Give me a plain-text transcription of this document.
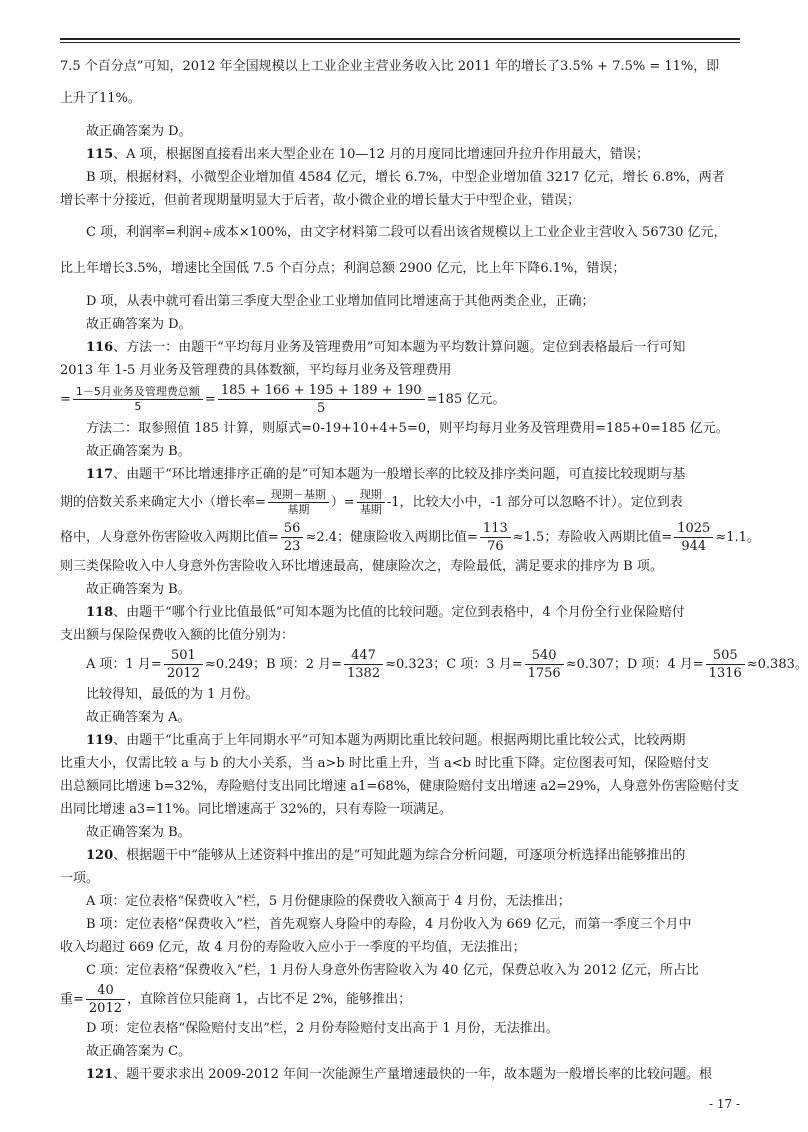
7.5 个百分点”可知，2012 年全国规模以上工业企业主营业务收入比 2011 年的增长了3.5% + 7.5% = 11%，即
上升了11%。
故正确答案为 D。
115、A 项，根据图直接看出来大型企业在 10—12 月的月度同比增速回升拉升作用最大，错误；
B 项，根据材料，小微型企业增加值 4584 亿元，增长 6.7%，中型企业增加值 3217 亿元，增长 6.8%，两者
增长率十分接近，但前者现期量明显大于后者，故小微企业的增长量大于中型企业，错误；
C 项，利润率=利润÷成本×100%，由文字材料第二段可以看出该省规模以上工业企业主营收入 56730 亿元，
比上年增长3.5%，增速比全国低 7.5 个百分点；利润总额 2900 亿元，比上年下降6.1%，错误；
D 项，从表中就可看出第三季度大型企业工业增加值同比增速高于其他两类企业，正确；
故正确答案为 D。
116、方法一：由题干“平均每月业务及管理费用”可知本题为平均数计算问题。定位到表格最后一行可知
2013 年 1-5 月业务及管理费的具体数额，平均每月业务及管理费用
= $\frac{\text{1－5月业务及管理费总额}}{5} = \frac{185 + 166 + 195 + 189 + 190}{5} =185$ 亿元。
方法二：取参照值 185 计算，则原式=0-19+10+4+5=0，则平均每月业务及管理费用=185+0=185 亿元。
故正确答案为 B。
117、由题干“环比增速排序正确的是”可知本题为一般增长率的比较及排序类问题，可直接比较现期与基
期的倍数关系来确定大小（增长率= $\frac{\text{现期－基期}}{\text{基期}}$ ）= $\frac{\text{现期}}{\text{基期}} -1$，比较大小中，-1 部分可以忽略不计）。定位到表
格中，人身意外伤害险收入两期比值= $\frac{56}{23} \approx 2.4$；健康险收入两期比值= $\frac{113}{76} \approx 1.5$；寿险收入两期比值= $\frac{1025}{944} \approx 1.1$。
则三类保险收入中人身意外伤害险收入环比增速最高，健康险次之，寿险最低，满足要求的排序为 B 项。
故正确答案为 B。
118、由题干“哪个行业比值最低”可知本题为比值的比较问题。定位到表格中，4 个月份全行业保险赔付
支出额与保险保费收入额的比值分别为：
A 项：1 月= $\frac{501}{2012} \approx 0.249$；B 项：2 月= $\frac{447}{1382} \approx 0.323$；C 项：3 月= $\frac{540}{1756} \approx 0.307$；D 项：4 月= $\frac{505}{1316} \approx 0.383$。
比较得知，最低的为 1 月份。
故正确答案为 A。
119、由题干“比重高于上年同期水平”可知本题为两期比重比较问题。根据两期比重比较公式，比较两期
比重大小，仅需比较 a 与 b 的大小关系，当 a>b 时比重上升，当 a<b 时比重下降。定位图表可知，保险赔付支
出总额同比增速 b=32%，寿险赔付支出同比增速 a1=68%，健康险赔付支出增速 a2=29%，人身意外伤害险赔付支
出同比增速 a3=11%。同比增速高于 32%的，只有寿险一项满足。
故正确答案为 B。
120、根据题干中“能够从上述资料中推出的是”可知此题为综合分析问题，可逐项分析选择出能够推出的
一项。
A 项：定位表格“保费收入”栏，5 月份健康险的保费收入额高于 4 月份，无法推出；
B 项：定位表格“保费收入”栏，首先观察人身险中的寿险，4 月份收入为 669 亿元，而第一季度三个月中
收入均超过 669 亿元，故 4 月份的寿险收入应小于一季度的平均值，无法推出；
C 项：定位表格“保费收入”栏，1 月份人身意外伤害险收入为 40 亿元，保费总收入为 2012 亿元，所占比
重= $\frac{40}{2012}$ ，直除首位只能商 1，占比不足 2%，能够推出；
D 项：定位表格“保险赔付支出”栏，2 月份寿险赔付支出高于 1 月份，无法推出。
故正确答案为 C。
121、题干要求求出 2009-2012 年间一次能源生产量增速最快的一年，故本题为一般增长率的比较问题。根
- 17 -
